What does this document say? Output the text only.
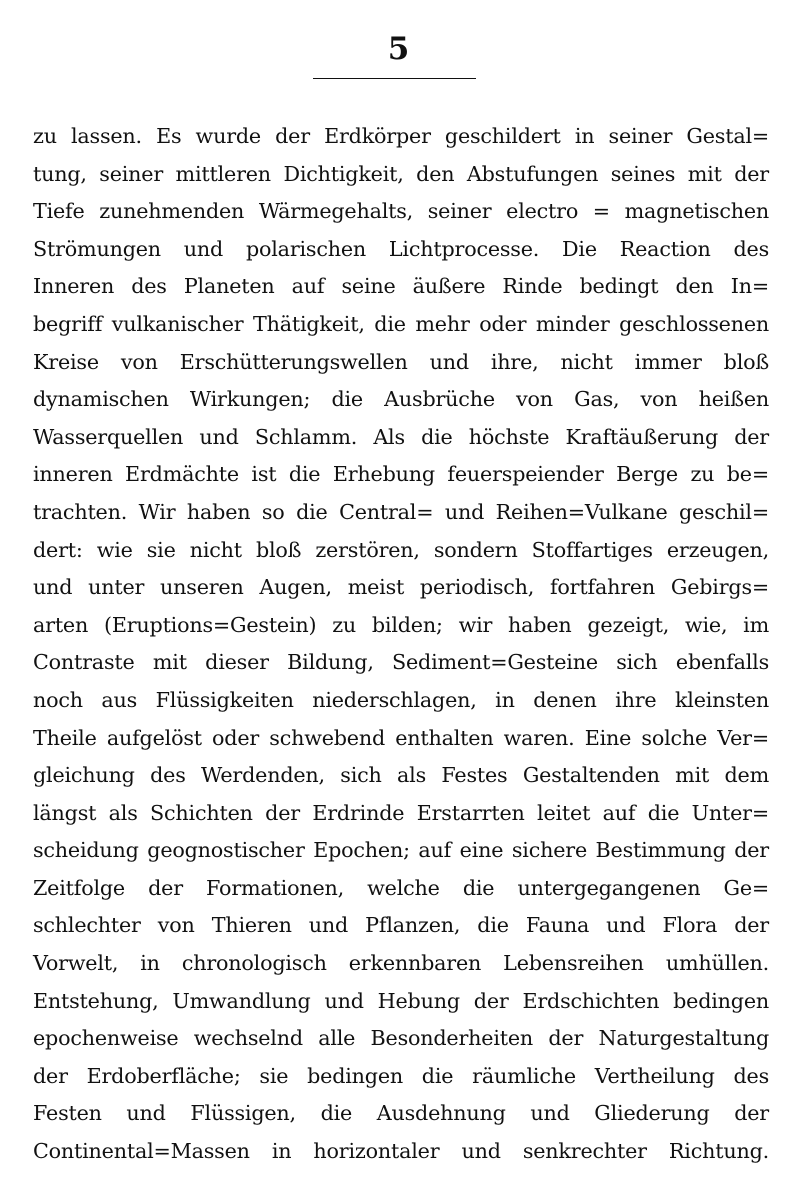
5
zu lassen. Es wurde der Erdkörper geschildert in seiner Gestal=
tung, seiner mittleren Dichtigkeit, den Abstufungen seines mit der
Tiefe zunehmenden Wärmegehalts, seiner electro = magnetischen
Strömungen und polarischen Lichtprocesse. Die Reaction des
Inneren des Planeten auf seine äußere Rinde bedingt den In=
begriff vulkanischer Thätigkeit, die mehr oder minder geschlossenen
Kreise von Erschütterungswellen und ihre, nicht immer bloß
dynamischen Wirkungen; die Ausbrüche von Gas, von heißen
Wasserquellen und Schlamm. Als die höchste Kraftäußerung der
inneren Erdmächte ist die Erhebung feuerspeiender Berge zu be=
trachten. Wir haben so die Central= und Reihen=Vulkane geschil=
dert: wie sie nicht bloß zerstören, sondern Stoffartiges erzeugen,
und unter unseren Augen, meist periodisch, fortfahren Gebirgs=
arten (Eruptions=Gestein) zu bilden; wir haben gezeigt, wie, im
Contraste mit dieser Bildung, Sediment=Gesteine sich ebenfalls
noch aus Flüssigkeiten niederschlagen, in denen ihre kleinsten
Theile aufgelöst oder schwebend enthalten waren. Eine solche Ver=
gleichung des Werdenden, sich als Festes Gestaltenden mit dem
längst als Schichten der Erdrinde Erstarrten leitet auf die Unter=
scheidung geognostischer Epochen; auf eine sichere Bestimmung der
Zeitfolge der Formationen, welche die untergegangenen Ge=
schlechter von Thieren und Pflanzen, die Fauna und Flora der
Vorwelt, in chronologisch erkennbaren Lebensreihen umhüllen.
Entstehung, Umwandlung und Hebung der Erdschichten bedingen
epochenweise wechselnd alle Besonderheiten der Naturgestaltung
der Erdoberfläche; sie bedingen die räumliche Vertheilung des
Festen und Flüssigen, die Ausdehnung und Gliederung der
Continental=Massen in horizontaler und senkrechter Richtung.
